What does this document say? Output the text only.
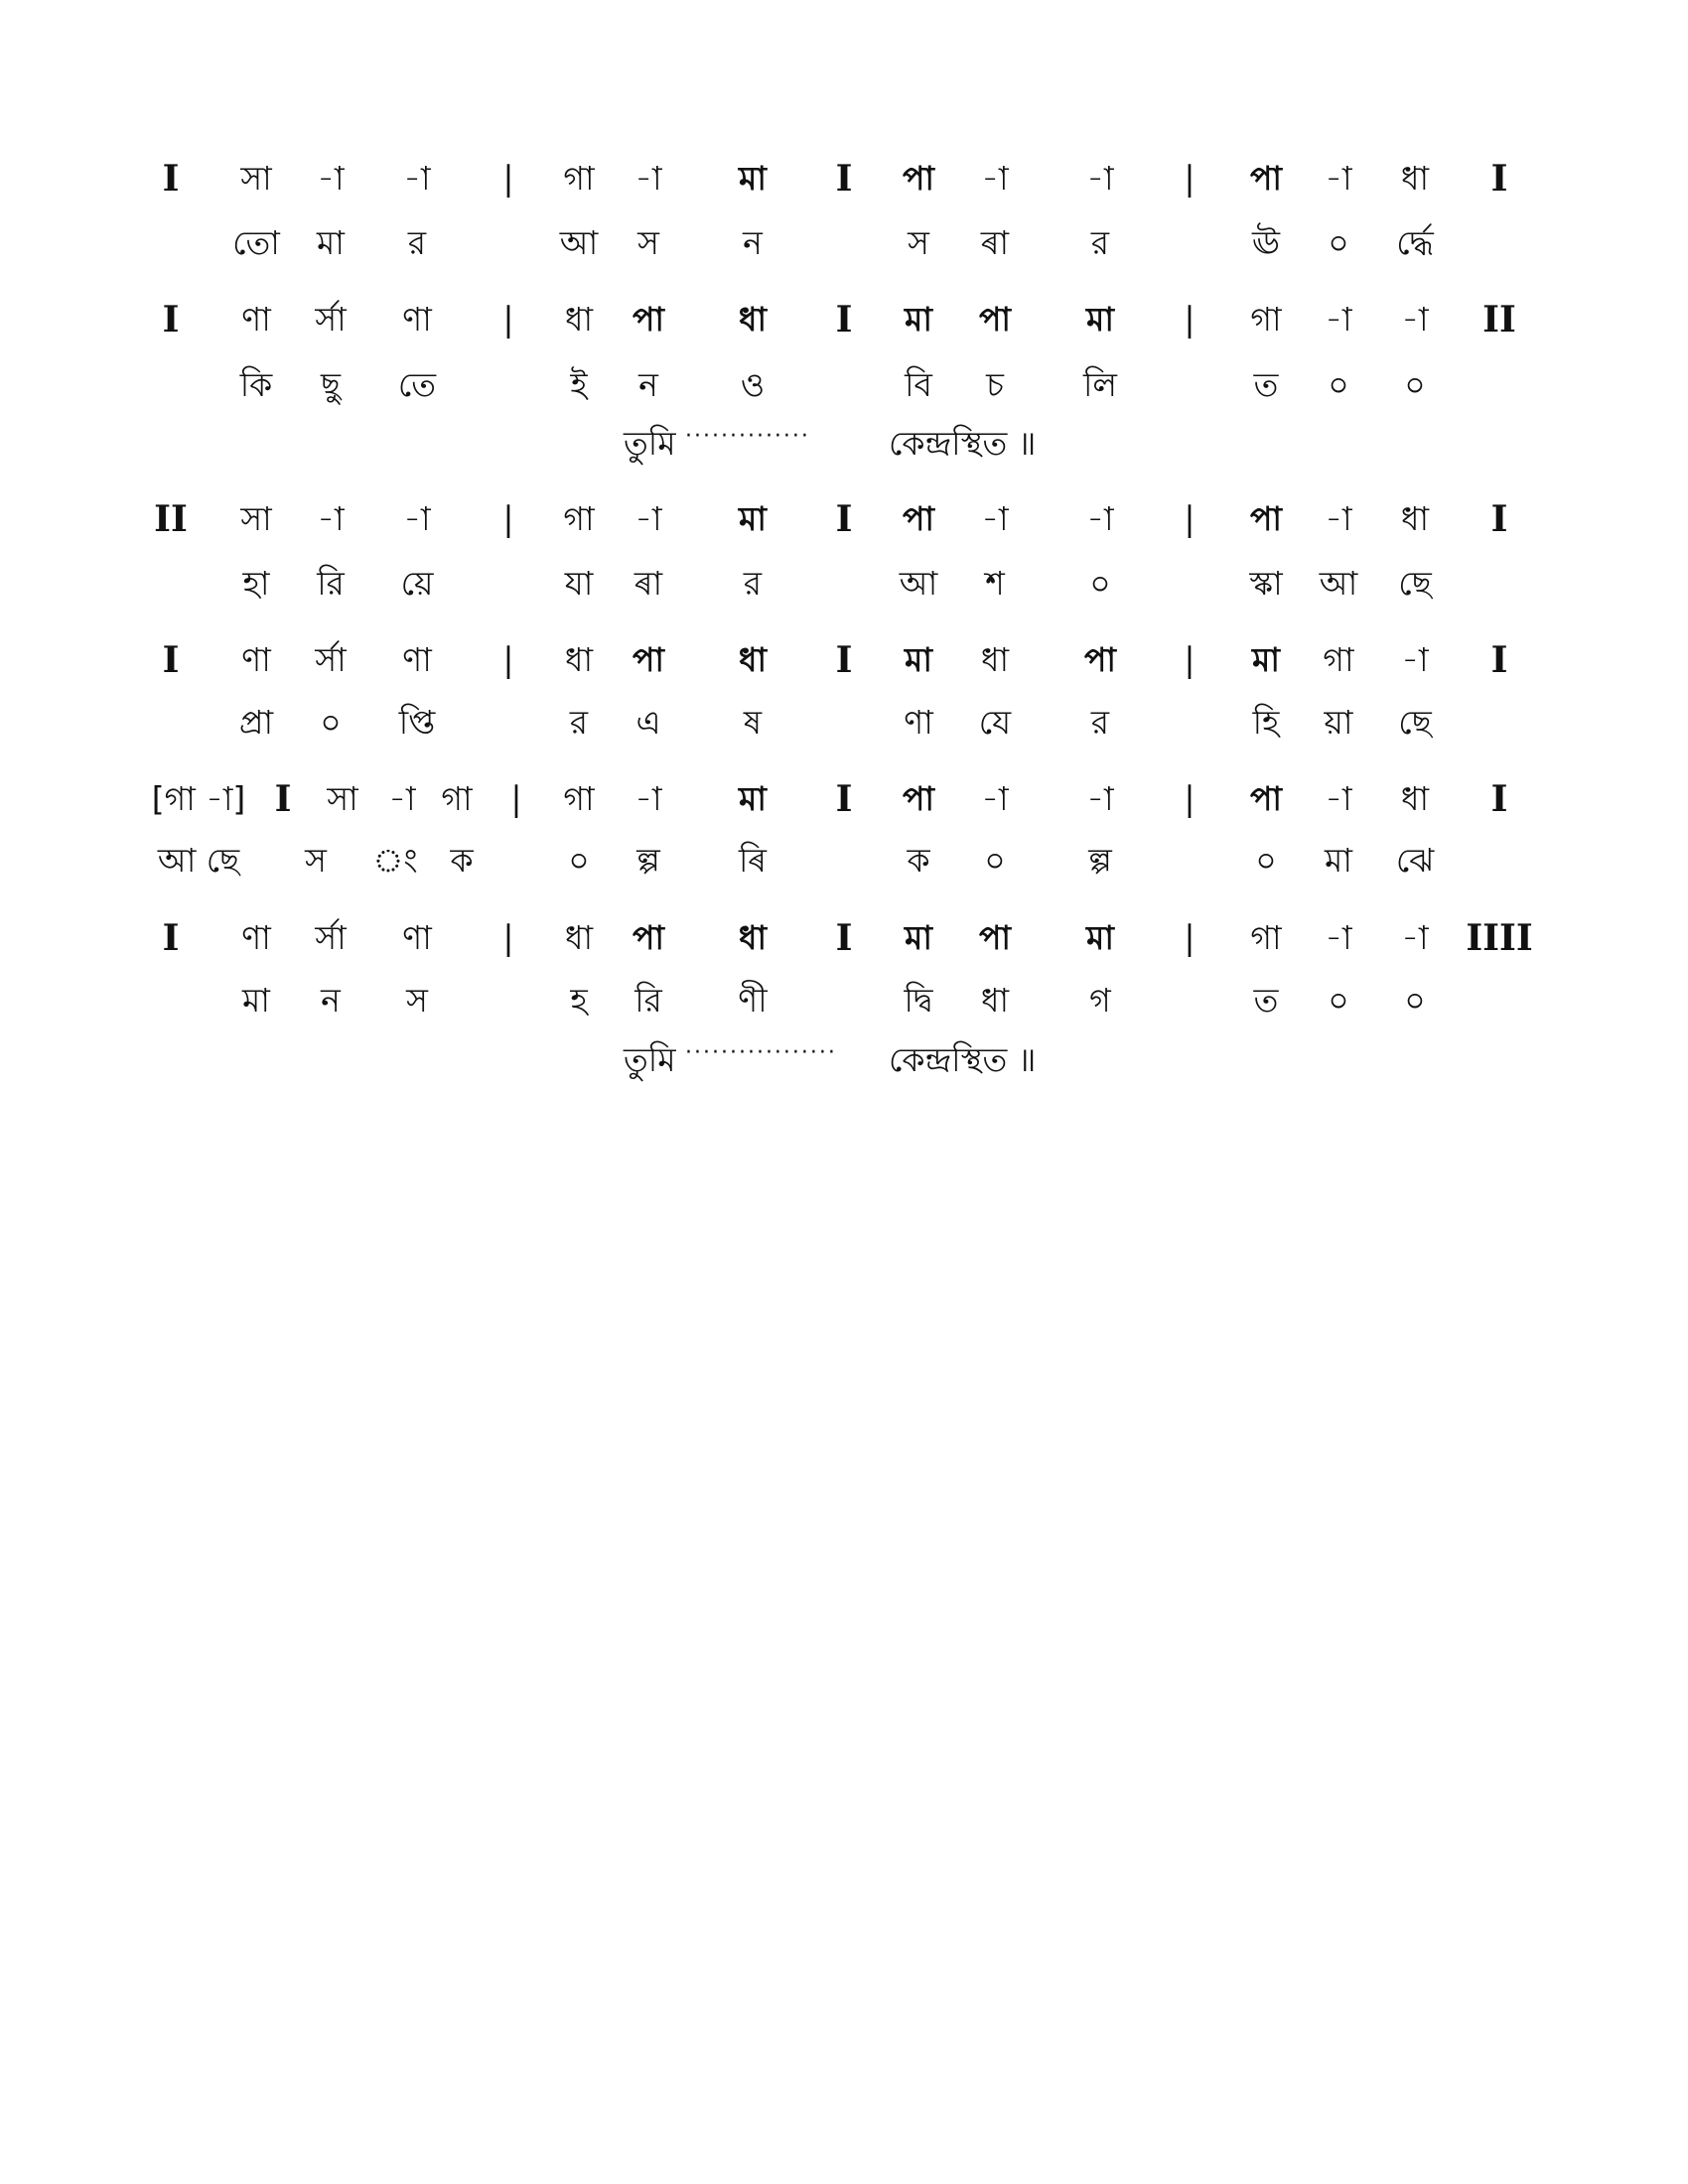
I সা -া -া | গা -া মা I পা -া -া | পা -া ধা I
তো মা র	আ স	ন	স ৰা	র	ঊ ০ র্দ্ধে
I ণা র্সা ণা | ধা পা ধা I মা পা মা | গা -া -া II
কি ছু তে	ই ন	ও	বি চ লি	ত ০ ০
তুমি ·············· কেন্দ্রস্থিত ॥
II সা -া -া | গা -া মা I পা -া -া | পা -া ধা I
হা রি য়ে	যা ৰা র	আ শ	০	স্কা আ ছে
I ণা র্সা ণা | ধা পা ধা I মা ধা পা | মা গা -া I
প্রা ০ প্তি	র এ	ষ	ণা যে র	হি য়া ছে
[গা -া] I সা -া গা | গা -া মা I পা -া -া | পা -া ধা I
আ ছে স ং ক	০ ল্প ৰি	ক ০	ল্প	০ মা ঝে
I ণা র্সা ণা | ধা পা ধা I মা পা মা | গা -া -া IIII
মা ন স	হ রি ণী	দ্বি ধা গ	ত ০ ০
তুমি ················· কেন্দ্রস্থিত ॥
